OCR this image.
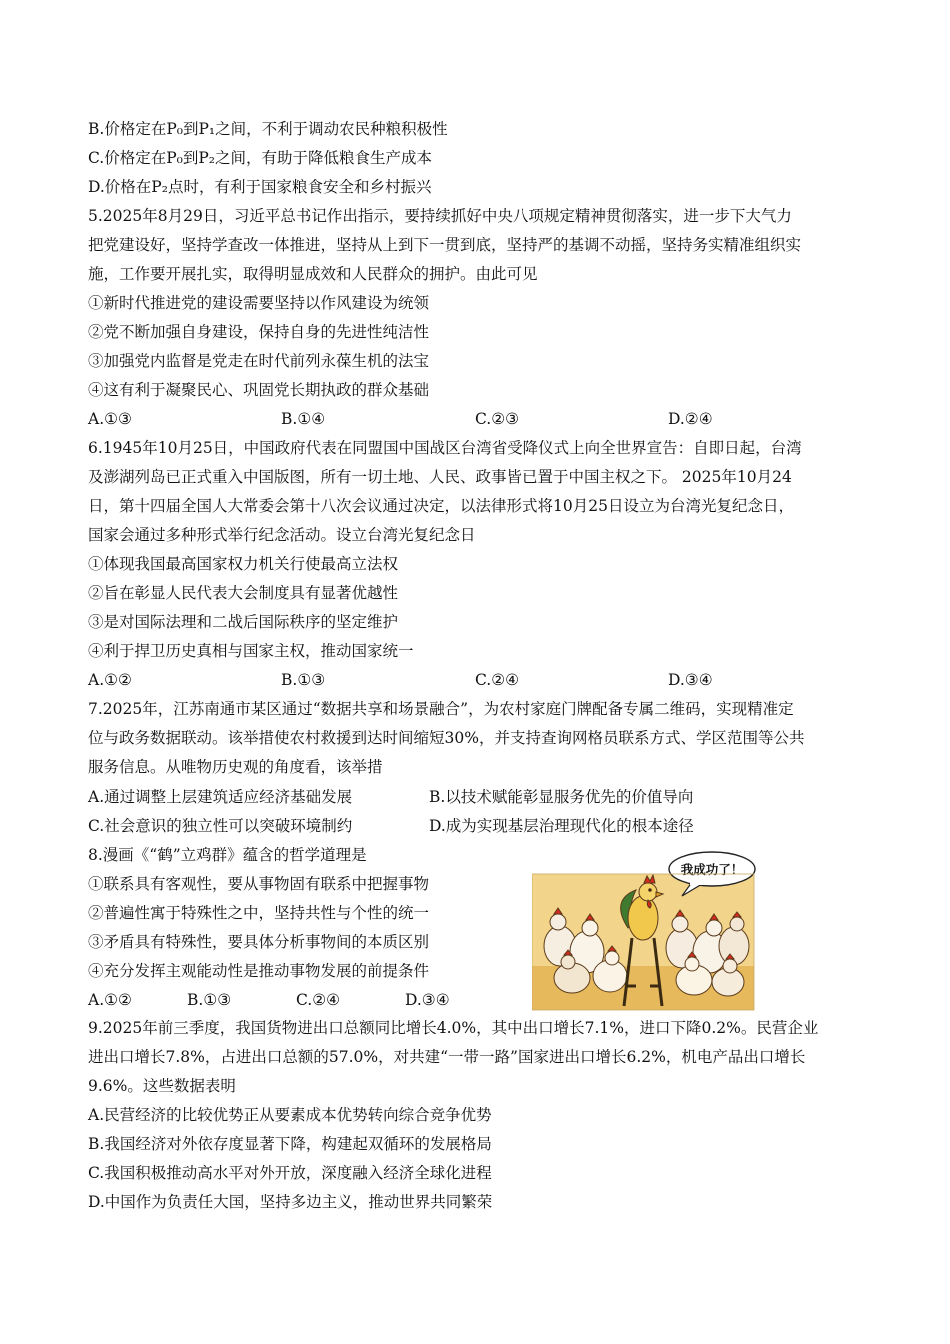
B.价格定在P₀到P₁之间，不利于调动农民种粮积极性
C.价格定在P₀到P₂之间，有助于降低粮食生产成本
D.价格在P₂点时，有利于国家粮食安全和乡村振兴
5.2025年8月29日，习近平总书记作出指示，要持续抓好中央八项规定精神贯彻落实，进一步下大气力
把党建设好，坚持学查改一体推进，坚持从上到下一贯到底，坚持严的基调不动摇，坚持务实精准组织实
施，工作要开展扎实，取得明显成效和人民群众的拥护。由此可见
①新时代推进党的建设需要坚持以作风建设为统领
②党不断加强自身建设，保持自身的先进性纯洁性
③加强党内监督是党走在时代前列永葆生机的法宝
④这有利于凝聚民心、巩固党长期执政的群众基础
A.①③	B.①④	C.②③	D.②④
6.1945年10月25日，中国政府代表在同盟国中国战区台湾省受降仪式上向全世界宣告：自即日起，台湾
及澎湖列岛已正式重入中国版图，所有一切土地、人民、政事皆已置于中国主权之下。 2025年10月24
日，第十四届全国人大常委会第十八次会议通过决定，以法律形式将10月25日设立为台湾光复纪念日，
国家会通过多种形式举行纪念活动。设立台湾光复纪念日
①体现我国最高国家权力机关行使最高立法权
②旨在彰显人民代表大会制度具有显著优越性
③是对国际法理和二战后国际秩序的坚定维护
④利于捍卫历史真相与国家主权，推动国家统一
A.①②	B.①③	C.②④	D.③④
7.2025年，江苏南通市某区通过“数据共享和场景融合”，为农村家庭门牌配备专属二维码，实现精准定
位与政务数据联动。该举措使农村救援到达时间缩短30%，并支持查询网格员联系方式、学区范围等公共
服务信息。从唯物历史观的角度看，该举措
A.通过调整上层建筑适应经济基础发展	B.以技术赋能彰显服务优先的价值导向
C.社会意识的独立性可以突破环境制约	D.成为实现基层治理现代化的根本途径
8.漫画《“鹤”立鸡群》蕴含的哲学道理是
①联系具有客观性，要从事物固有联系中把握事物
②普遍性寓于特殊性之中，坚持共性与个性的统一
③矛盾具有特殊性，要具体分析事物间的本质区别
④充分发挥主观能动性是推动事物发展的前提条件
A.①②	B.①③	C.②④	D.③④
我成功了！
9.2025年前三季度，我国货物进出口总额同比增长4.0%，其中出口增长7.1%，进口下降0.2%。民营企业
进出口增长7.8%，占进出口总额的57.0%，对共建“一带一路”国家进出口增长6.2%，机电产品出口增长
9.6%。这些数据表明
A.民营经济的比较优势正从要素成本优势转向综合竞争优势
B.我国经济对外依存度显著下降，构建起双循环的发展格局
C.我国积极推动高水平对外开放，深度融入经济全球化进程
D.中国作为负责任大国，坚持多边主义，推动世界共同繁荣
